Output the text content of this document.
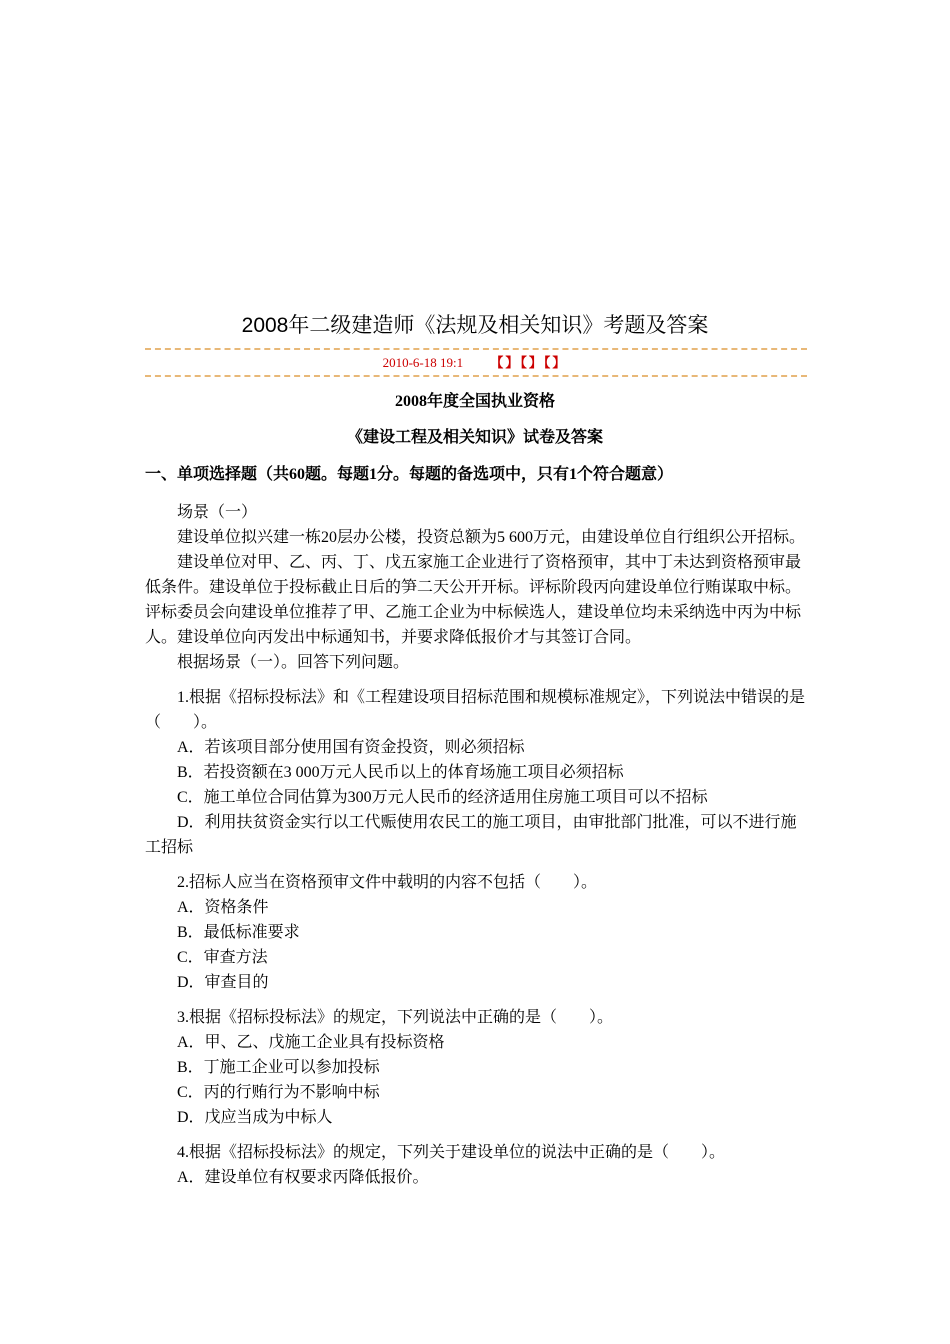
2008年二级建造师《法规及相关知识》考题及答案
2010-6-18 19:1 【】【】【】
2008年度全国执业资格
《建设工程及相关知识》试卷及答案
一、单项选择题（共60题。每题1分。每题的备选项中，只有1个符合题意）

场景（一）

建设单位拟兴建一栋20层办公楼，投资总额为5 600万元，由建设单位自行组织公开招标。

建设单位对甲、乙、丙、丁、戊五家施工企业进行了资格预审，其中丁未达到资格预审最低条件。建设单位于投标截止日后的笋二天公开开标。评标阶段丙向建设单位行贿谋取中标。评标委员会向建设单位推荐了甲、乙施工企业为中标候选人，建设单位均未采纳选中丙为中标人。建设单位向丙发出中标通知书，并要求降低报价才与其签订合同。

根据场景（一）。回答下列问题。

1.根据《招标投标法》和《工程建设项目招标范围和规模标准规定》，下列说法中错误的是（　　）。

A．若该项目部分使用国有资金投资，则必须招标

B．若投资额在3 000万元人民币以上的体育场施工项目必须招标

C．施工单位合同估算为300万元人民币的经济适用住房施工项目可以不招标

D．利用扶贫资金实行以工代赈使用农民工的施工项目，由审批部门批准，可以不进行施 工招标

2.招标人应当在资格预审文件中载明的内容不包括（　　）。

A．资格条件

B．最低标准要求

C．审查方法

D．审查目的

3.根据《招标投标法》的规定，下列说法中正确的是（　　）。

A．甲、乙、戊施工企业具有投标资格

B．丁施工企业可以参加投标

C．丙的行贿行为不影响中标

D．戊应当成为中标人

4.根据《招标投标法》的规定，下列关于建设单位的说法中正确的是（　　）。

A．建设单位有权要求丙降低报价。
